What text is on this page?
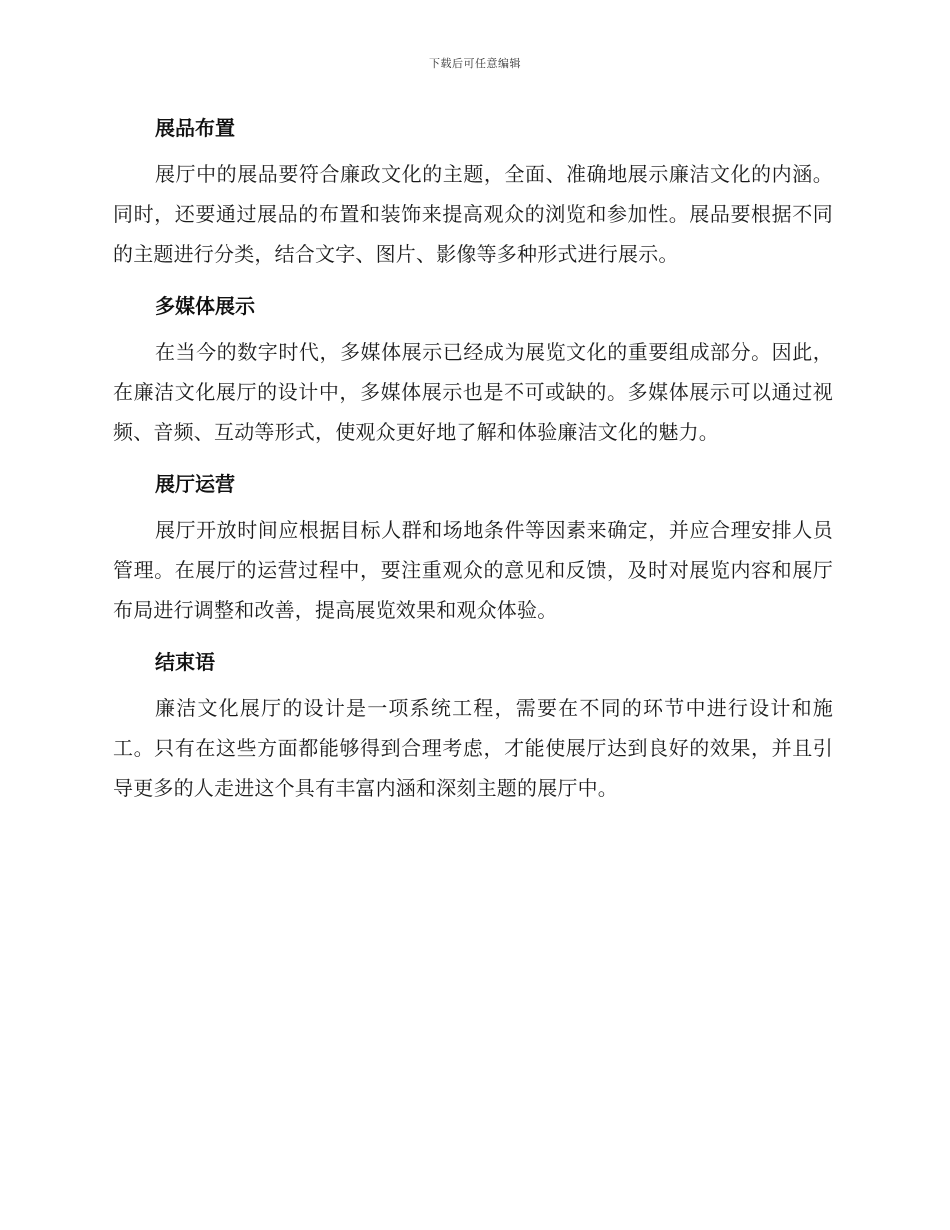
下载后可任意编辑
展品布置

展厅中的展品要符合廉政文化的主题，全面、准确地展示廉洁文化的内涵。同时，还要通过展品的布置和装饰来提高观众的浏览和参加性。展品要根据不同的主题进行分类，结合文字、图片、影像等多种形式进行展示。

多媒体展示

在当今的数字时代，多媒体展示已经成为展览文化的重要组成部分。因此，在廉洁文化展厅的设计中，多媒体展示也是不可或缺的。多媒体展示可以通过视频、音频、互动等形式，使观众更好地了解和体验廉洁文化的魅力。

展厅运营

展厅开放时间应根据目标人群和场地条件等因素来确定，并应合理安排人员管理。在展厅的运营过程中，要注重观众的意见和反馈，及时对展览内容和展厅布局进行调整和改善，提高展览效果和观众体验。

结束语

廉洁文化展厅的设计是一项系统工程，需要在不同的环节中进行设计和施工。只有在这些方面都能够得到合理考虑，才能使展厅达到良好的效果，并且引导更多的人走进这个具有丰富内涵和深刻主题的展厅中。
